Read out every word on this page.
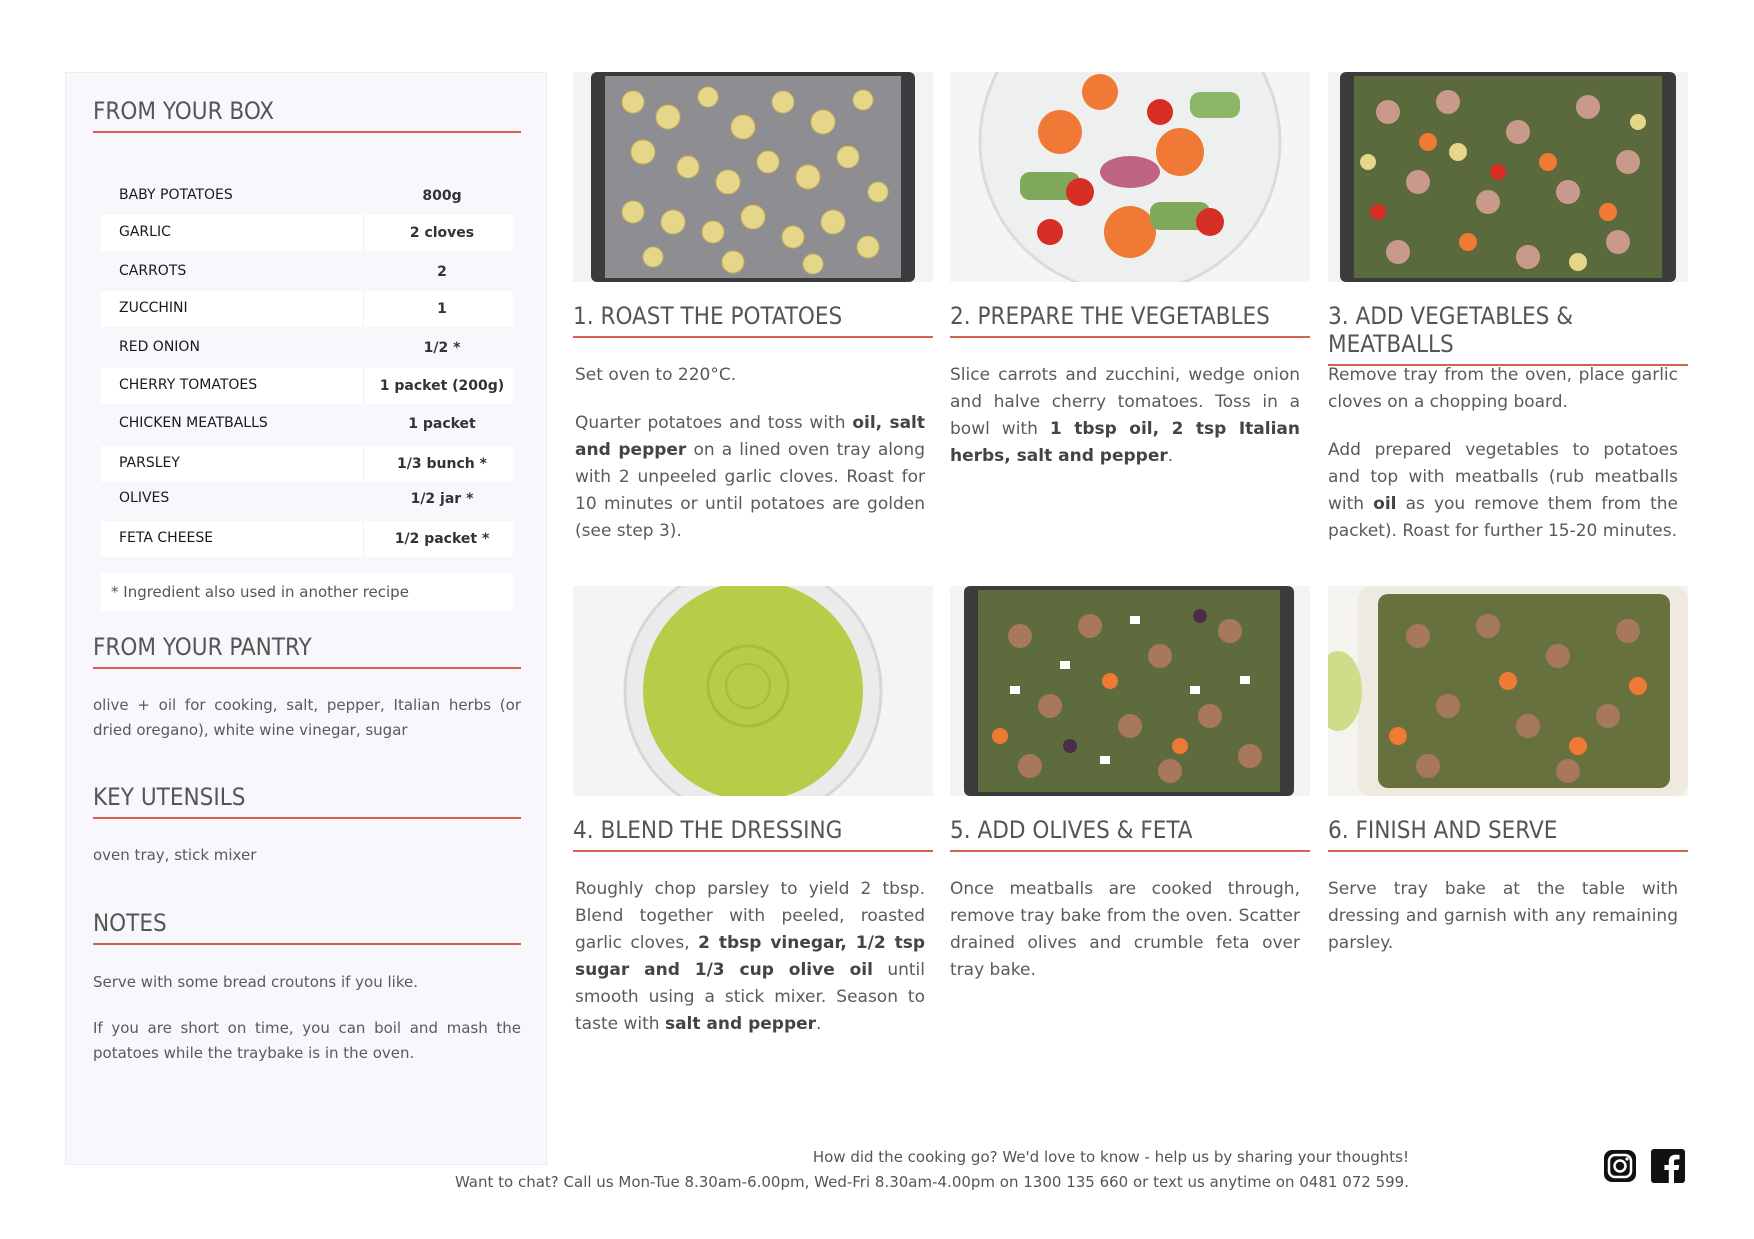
FROM YOUR BOX
BABY POTATOES	800g
GARLIC	2 cloves
CARROTS	2
ZUCCHINI	1
RED ONION	1/2 *
CHERRY TOMATOES	1 packet (200g)
CHICKEN MEATBALLS	1 packet
PARSLEY	1/3 bunch *
OLIVES	1/2 jar *
FETA CHEESE	1/2 packet *
* Ingredient also used in another recipe
FROM YOUR PANTRY
olive + oil for cooking, salt, pepper, Italian herbs (or dried oregano), white wine vinegar, sugar
KEY UTENSILS
oven tray, stick mixer
NOTES
Serve with some bread croutons if you like.
If you are short on time, you can boil and mash the potatoes while the traybake is in the oven.
1. ROAST THE POTATOES	2. PREPARE THE VEGETABLES	3. ADD VEGETABLES & MEATBALLS
Set oven to 220°C.
Quarter potatoes and toss with oil, salt and pepper on a lined oven tray along with 2 unpeeled garlic cloves. Roast for 10 minutes or until potatoes are golden (see step 3).
Slice carrots and zucchini, wedge onion and halve cherry tomatoes. Toss in a bowl with 1 tbsp oil, 2 tsp Italian herbs, salt and pepper.
Remove tray from the oven, place garlic cloves on a chopping board.
Add prepared vegetables to potatoes and top with meatballs (rub meatballs with oil as you remove them from the packet). Roast for further 15-20 minutes.
4. BLEND THE DRESSING	5. ADD OLIVES & FETA	6. FINISH AND SERVE
Roughly chop parsley to yield 2 tbsp. Blend together with peeled, roasted garlic cloves, 2 tbsp vinegar, 1/2 tsp sugar and 1/3 cup olive oil until smooth using a stick mixer. Season to taste with salt and pepper.
Once meatballs are cooked through, remove tray bake from the oven. Scatter drained olives and crumble feta over tray bake.
Serve tray bake at the table with dressing and garnish with any remaining parsley.
How did the cooking go? We'd love to know - help us by sharing your thoughts!
Want to chat? Call us Mon-Tue 8.30am-6.00pm, Wed-Fri 8.30am-4.00pm on 1300 135 660 or text us anytime on 0481 072 599.
